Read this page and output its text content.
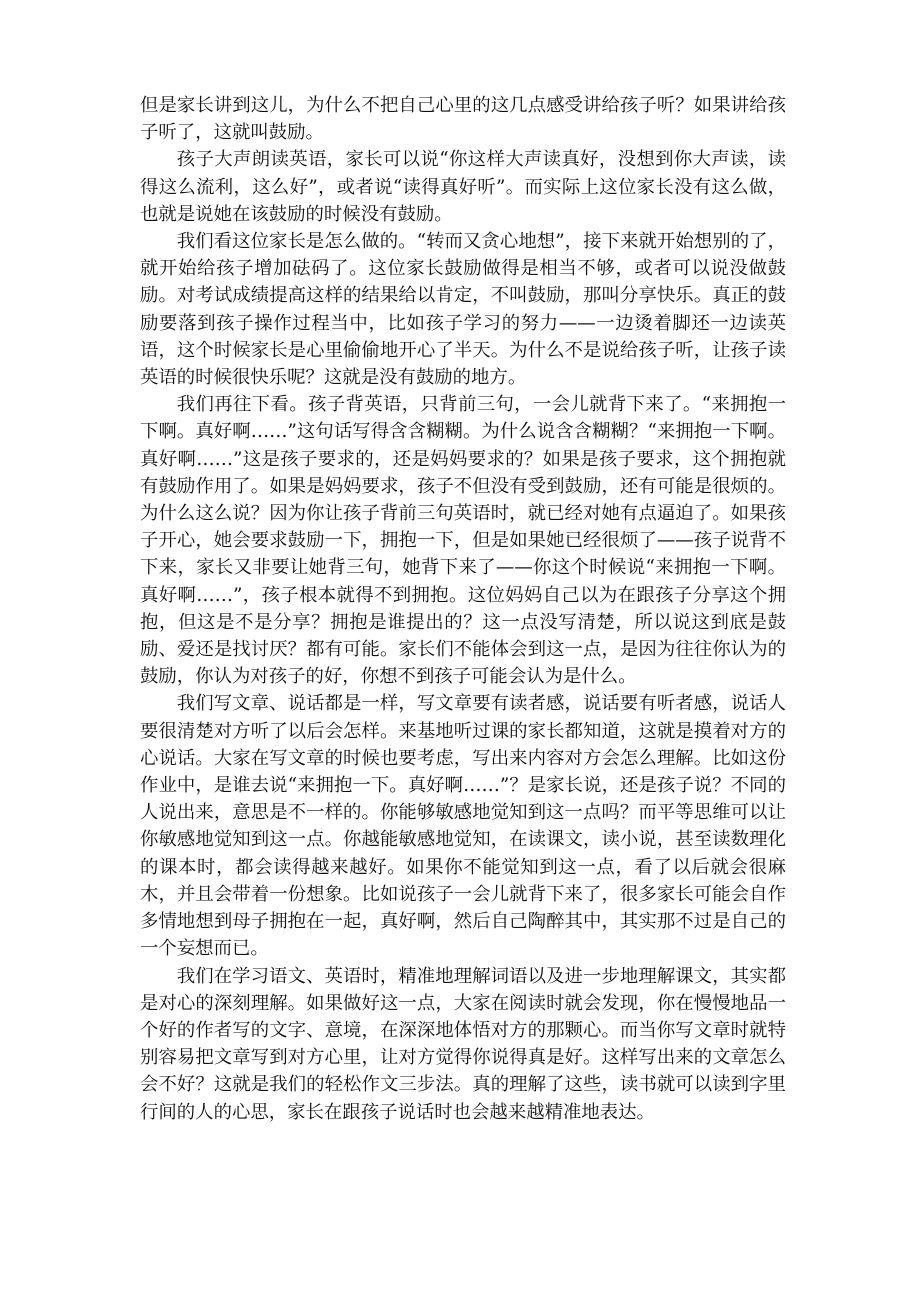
但是家长讲到这儿，为什么不把自己心里的这几点感受讲给孩子听？如果讲给孩子听了，这就叫鼓励。

孩子大声朗读英语，家长可以说“你这样大声读真好，没想到你大声读，读得这么流利，这么好”，或者说“读得真好听”。而实际上这位家长没有这么做，也就是说她在该鼓励的时候没有鼓励。

我们看这位家长是怎么做的。“转而又贪心地想”，接下来就开始想别的了，就开始给孩子增加砝码了。这位家长鼓励做得是相当不够，或者可以说没做鼓励。对考试成绩提高这样的结果给以肯定，不叫鼓励，那叫分享快乐。真正的鼓励要落到孩子操作过程当中，比如孩子学习的努力——一边烫着脚还一边读英语，这个时候家长是心里偷偷地开心了半天。为什么不是说给孩子听，让孩子读英语的时候很快乐呢？这就是没有鼓励的地方。

我们再往下看。孩子背英语，只背前三句，一会儿就背下来了。“来拥抱一下啊。真好啊……”这句话写得含含糊糊。为什么说含含糊糊？“来拥抱一下啊。真好啊……”这是孩子要求的，还是妈妈要求的？如果是孩子要求，这个拥抱就有鼓励作用了。如果是妈妈要求，孩子不但没有受到鼓励，还有可能是很烦的。为什么这么说？因为你让孩子背前三句英语时，就已经对她有点逼迫了。如果孩子开心，她会要求鼓励一下，拥抱一下，但是如果她已经很烦了——孩子说背不下来，家长又非要让她背三句，她背下来了——你这个时候说“来拥抱一下啊。真好啊……”，孩子根本就得不到拥抱。这位妈妈自己以为在跟孩子分享这个拥抱，但这是不是分享？拥抱是谁提出的？这一点没写清楚，所以说这到底是鼓励、爱还是找讨厌？都有可能。家长们不能体会到这一点，是因为往往你认为的鼓励，你认为对孩子的好，你想不到孩子可能会认为是什么。

我们写文章、说话都是一样，写文章要有读者感，说话要有听者感，说话人要很清楚对方听了以后会怎样。来基地听过课的家长都知道，这就是摸着对方的心说话。大家在写文章的时候也要考虑，写出来内容对方会怎么理解。比如这份作业中，是谁去说“来拥抱一下。真好啊……”？是家长说，还是孩子说？不同的人说出来，意思是不一样的。你能够敏感地觉知到这一点吗？而平等思维可以让你敏感地觉知到这一点。你越能敏感地觉知，在读课文，读小说，甚至读数理化的课本时，都会读得越来越好。如果你不能觉知到这一点，看了以后就会很麻木，并且会带着一份想象。比如说孩子一会儿就背下来了，很多家长可能会自作多情地想到母子拥抱在一起，真好啊，然后自己陶醉其中，其实那不过是自己的一个妄想而已。

我们在学习语文、英语时，精准地理解词语以及进一步地理解课文，其实都是对心的深刻理解。如果做好这一点，大家在阅读时就会发现，你在慢慢地品一个好的作者写的文字、意境，在深深地体悟对方的那颗心。而当你写文章时就特别容易把文章写到对方心里，让对方觉得你说得真是好。这样写出来的文章怎么会不好？这就是我们的轻松作文三步法。真的理解了这些，读书就可以读到字里行间的人的心思，家长在跟孩子说话时也会越来越精准地表达。
